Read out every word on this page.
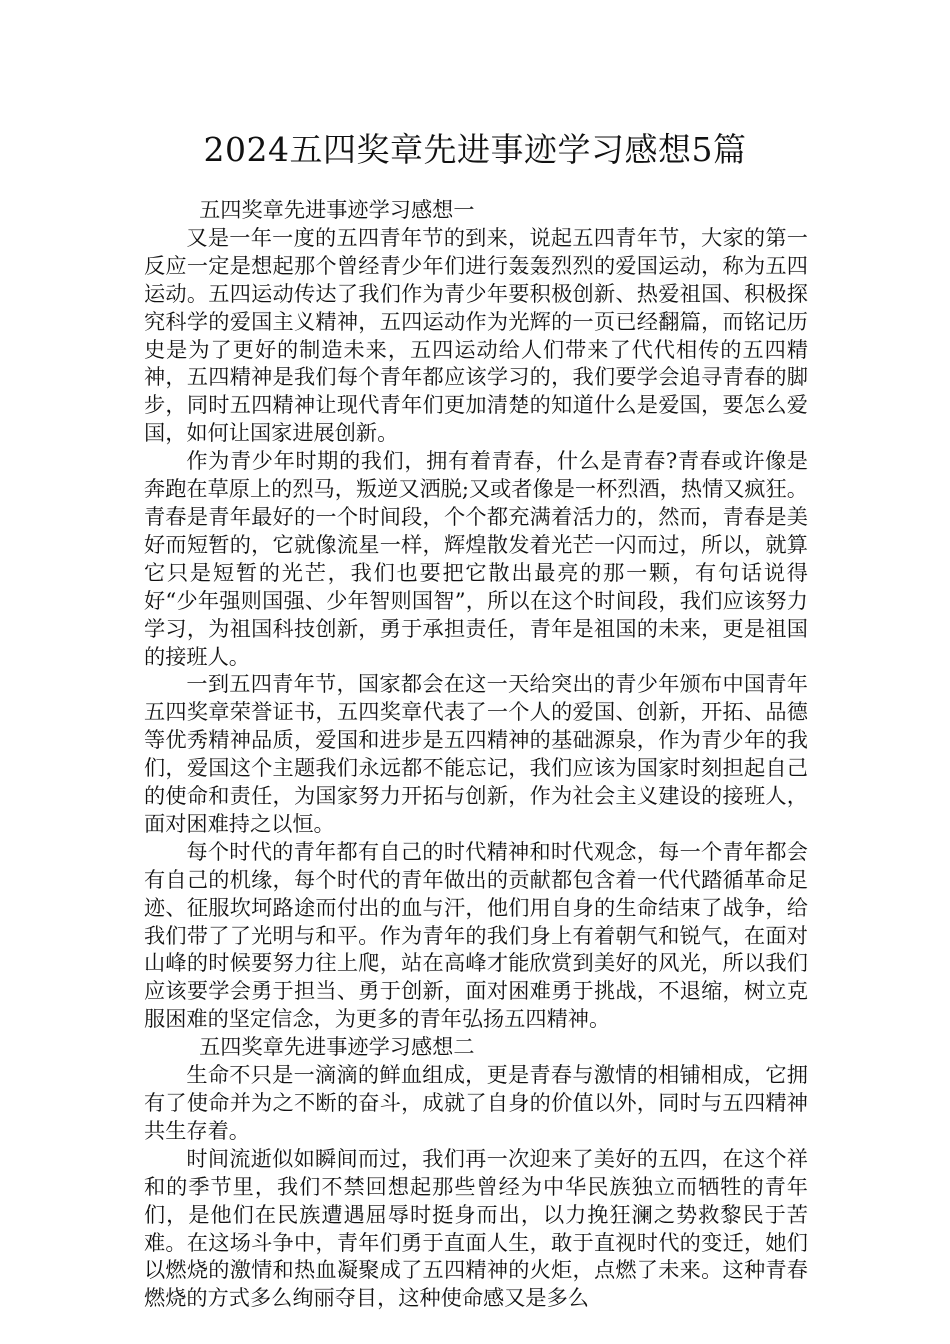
2024五四奖章先进事迹学习感想5篇

五四奖章先进事迹学习感想一

又是一年一度的五四青年节的到来，说起五四青年节，大家的第一反应一定是想起那个曾经青少年们进行轰轰烈烈的爱国运动，称为五四运动。五四运动传达了我们作为青少年要积极创新、热爱祖国、积极探究科学的爱国主义精神，五四运动作为光辉的一页已经翻篇，而铭记历史是为了更好的制造未来，五四运动给人们带来了代代相传的五四精神，五四精神是我们每个青年都应该学习的，我们要学会追寻青春的脚步，同时五四精神让现代青年们更加清楚的知道什么是爱国，要怎么爱国，如何让国家进展创新。

作为青少年时期的我们，拥有着青春，什么是青春?青春或许像是奔跑在草原上的烈马，叛逆又洒脱;又或者像是一杯烈酒，热情又疯狂。青春是青年最好的一个时间段，个个都充满着活力的，然而，青春是美好而短暂的，它就像流星一样，辉煌散发着光芒一闪而过，所以，就算它只是短暂的光芒，我们也要把它散出最亮的那一颗，有句话说得好“少年强则国强、少年智则国智”，所以在这个时间段，我们应该努力学习，为祖国科技创新，勇于承担责任，青年是祖国的未来，更是祖国的接班人。

一到五四青年节，国家都会在这一天给突出的青少年颁布中国青年五四奖章荣誉证书，五四奖章代表了一个人的爱国、创新，开拓、品德等优秀精神品质，爱国和进步是五四精神的基础源泉，作为青少年的我们，爱国这个主题我们永远都不能忘记，我们应该为国家时刻担起自己的使命和责任，为国家努力开拓与创新，作为社会主义建设的接班人，面对困难持之以恒。

每个时代的青年都有自己的时代精神和时代观念，每一个青年都会有自己的机缘，每个时代的青年做出的贡献都包含着一代代踏循革命足迹、征服坎坷路途而付出的血与汗，他们用自身的生命结束了战争，给我们带了了光明与和平。作为青年的我们身上有着朝气和锐气，在面对山峰的时候要努力往上爬，站在高峰才能欣赏到美好的风光，所以我们应该要学会勇于担当、勇于创新，面对困难勇于挑战，不退缩，树立克服困难的坚定信念，为更多的青年弘扬五四精神。

五四奖章先进事迹学习感想二

生命不只是一滴滴的鲜血组成，更是青春与激情的相铺相成，它拥有了使命并为之不断的奋斗，成就了自身的价值以外，同时与五四精神共生存着。

时间流逝似如瞬间而过，我们再一次迎来了美好的五四，在这个祥和的季节里，我们不禁回想起那些曾经为中华民族独立而牺牲的青年们，是他们在民族遭遇屈辱时挺身而出，以力挽狂澜之势救黎民于苦难。在这场斗争中，青年们勇于直面人生，敢于直视时代的变迁，她们以燃烧的激情和热血凝聚成了五四精神的火炬，点燃了未来。这种青春燃烧的方式多么绚丽夺目，这种使命感又是多么
